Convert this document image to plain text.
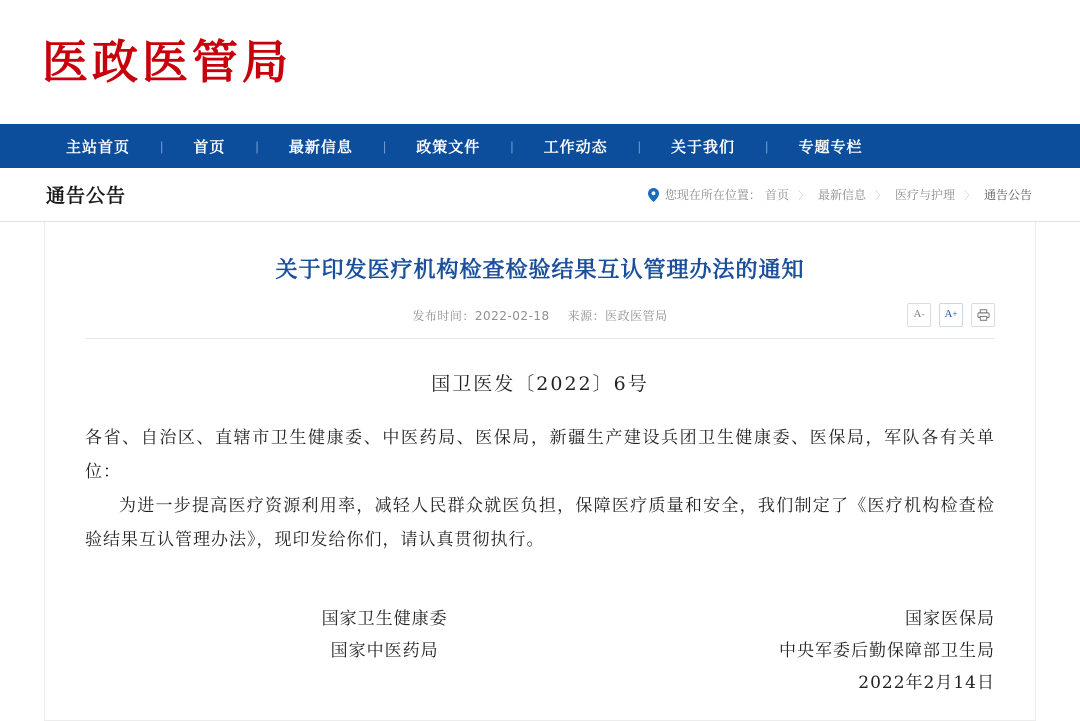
医政医管局
主站首页	|	首页	|	最新信息	|	政策文件	|	工作动态	|	关于我们	|	专题专栏
通告公告	您现在所在位置： 首页 〉 最新信息 〉 医疗与护理 〉 通告公告
关于印发医疗机构检查检验结果互认管理办法的通知
发布时间：2022-02-18 来源：医政医管局	A - A +
国卫医发〔2022〕6号

各省、自治区、直辖市卫生健康委、中医药局、医保局，新疆生产建设兵团卫生健康委、医保局，军队各有关单位：

为进一步提高医疗资源利用率，减轻人民群众就医负担，保障医疗质量和安全，我们制定了《医疗机构检查检验结果互认管理办法》，现印发给你们，请认真贯彻执行。

国家卫生健康委
国家中医药局
国家医保局
中央军委后勤保障部卫生局
2022年2月14日
